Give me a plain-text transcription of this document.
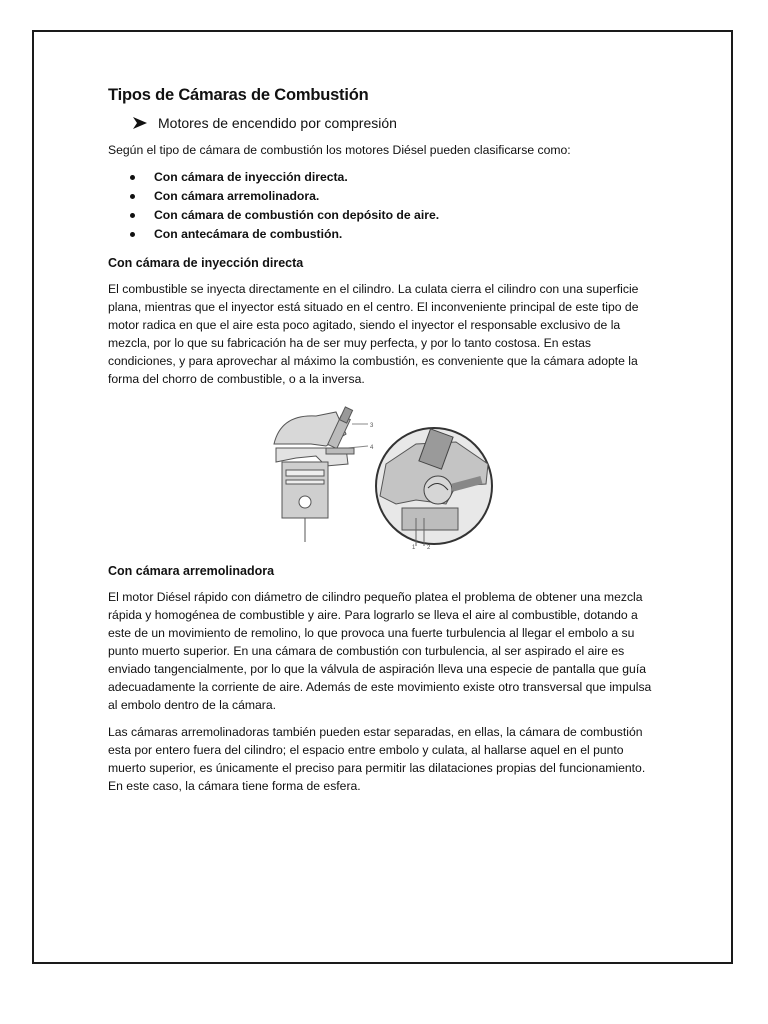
Tipos de Cámaras de Combustión
Motores de encendido por compresión

Según el tipo de cámara de combustión los motores Diésel pueden clasificarse como:

Con cámara de inyección directa.
Con cámara arremolinadora.
Con cámara de combustión con depósito de aire.
Con antecámara de combustión.
Con cámara de inyección directa

El combustible se inyecta directamente en el cilindro. La culata cierra el cilindro con una superficie plana, mientras que el inyector está situado en el centro. El inconveniente principal de este tipo de motor radica en que el aire esta poco agitado, siendo el inyector el responsable exclusivo de la mezcla, por lo que su fabricación ha de ser muy perfecta, y por lo tanto costosa. En estas condiciones, y para aprovechar al máximo la combustión, es conveniente que la cámara adopte la forma del chorro de combustible, o a la inversa.

3
4
1 2
Con cámara arremolinadora

El motor Diésel rápido con diámetro de cilindro pequeño platea el problema de obtener una mezcla rápida y homogénea de combustible y aire. Para lograrlo se lleva el aire al combustible, dotando a este de un movimiento de remolino, lo que provoca una fuerte turbulencia al llegar el embolo a su punto muerto superior. En una cámara de combustión con turbulencia, al ser aspirado el aire es enviado tangencialmente, por lo que la válvula de aspiración lleva una especie de pantalla que guía adecuadamente la corriente de aire. Además de este movimiento existe otro transversal que impulsa al embolo dentro de la cámara.

Las cámaras arremolinadoras también pueden estar separadas, en ellas, la cámara de combustión esta por entero fuera del cilindro; el espacio entre embolo y culata, al hallarse aquel en el punto muerto superior, es únicamente el preciso para permitir las dilataciones propias del funcionamiento. En este caso, la cámara tiene forma de esfera.
